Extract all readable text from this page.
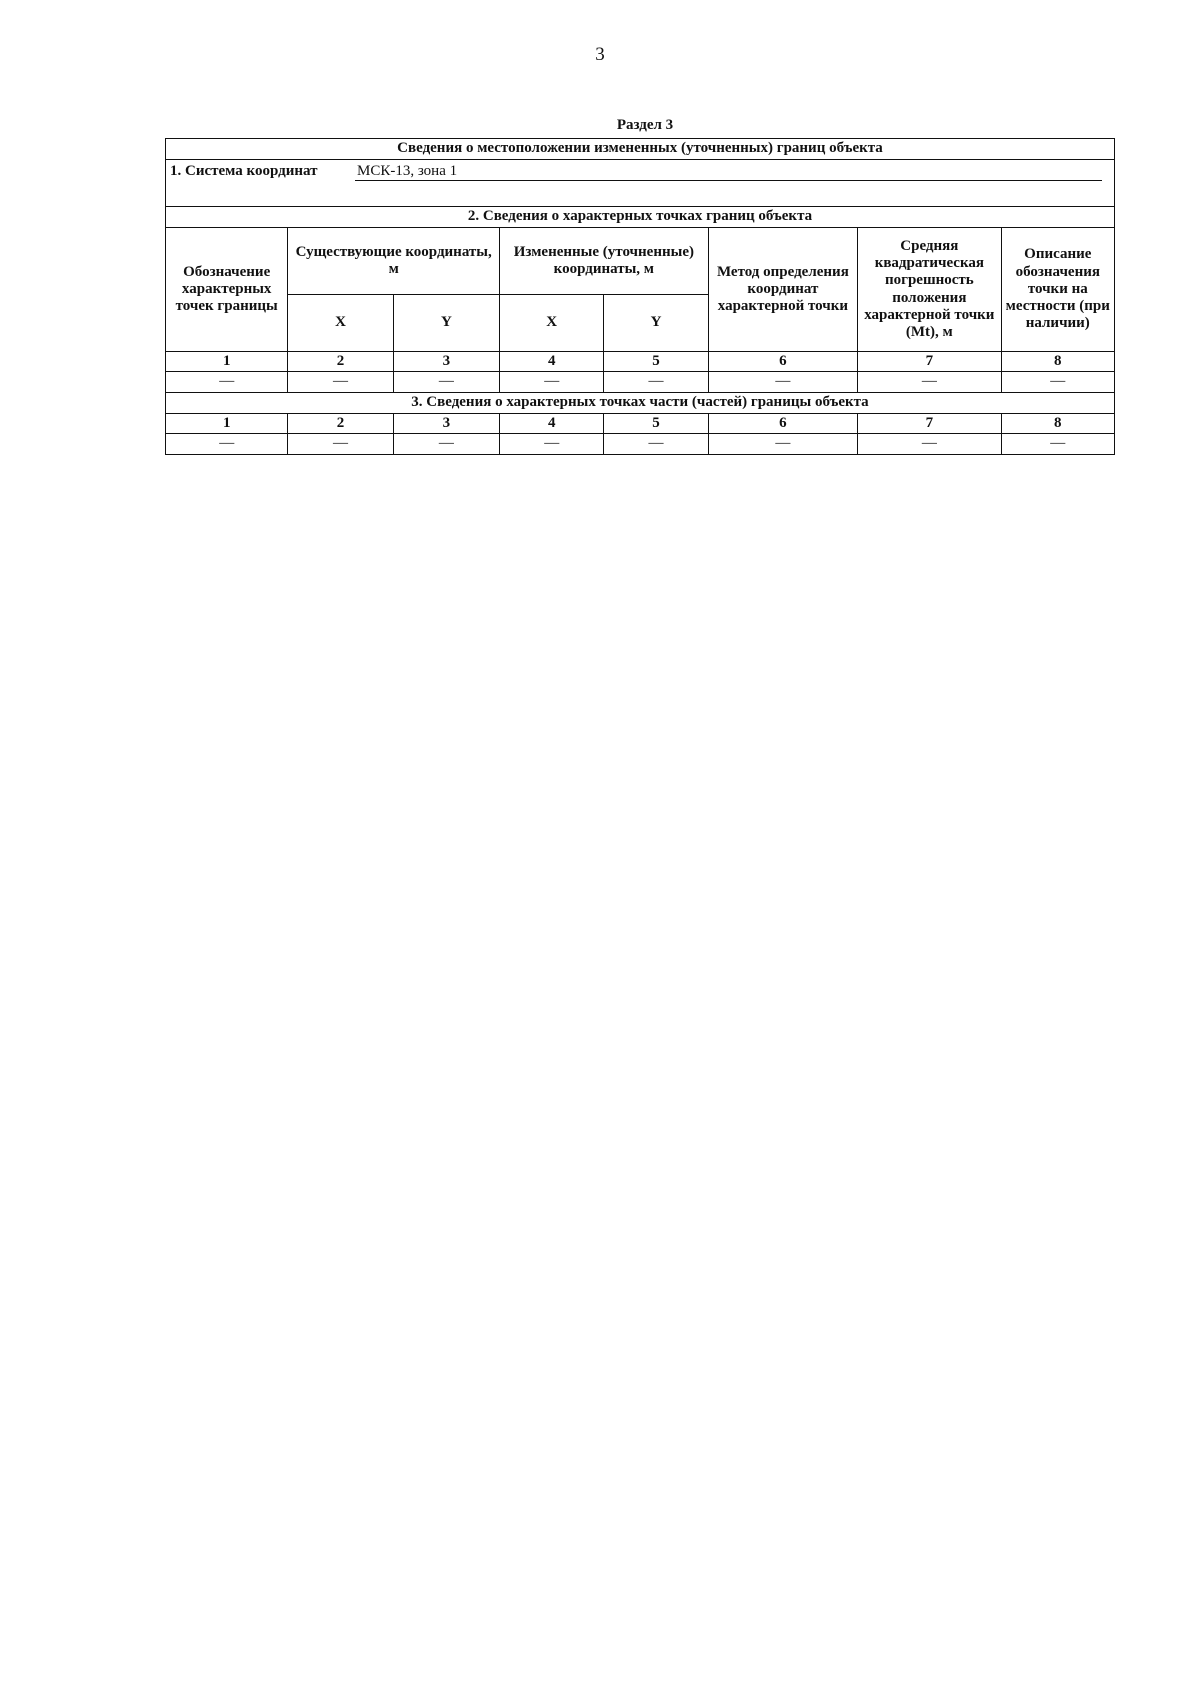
3
Раздел 3
Сведения о местоположении измененных (уточненных) границ объекта							
1. Система координат МСК-13, зона 1							
2. Сведения о характерных точках границ объекта							
Обозначение характерных точек границы	Существующие координаты, м		Измененные (уточненные) координаты, м		Метод определения координат характерной точки	Средняя квадратическая погрешность положения характерной точки (Mt), м	Описание обозначения точки на местности (при наличии)
	X	Y	X	Y			
1	2	3	4	5	6	7	8
—	—	—	—	—	—	—	—
3. Сведения о характерных точках части (частей) границы объекта							
1	2	3	4	5	6	7	8
—	—	—	—	—	—	—	—
